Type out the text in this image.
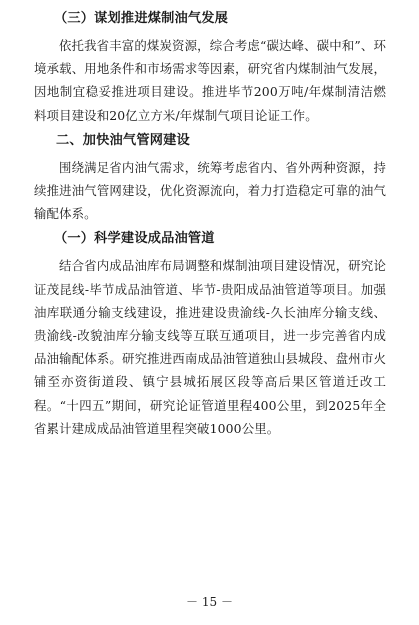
（三）谋划推进煤制油气发展

依托我省丰富的煤炭资源，综合考虑“碳达峰、碳中和”、环境承载、用地条件和市场需求等因素，研究省内煤制油气发展，因地制宜稳妥推进项目建设。推进毕节200万吨/年煤制清洁燃料项目建设和20亿立方米/年煤制气项目论证工作。

二、加快油气管网建设

围绕满足省内油气需求，统筹考虑省内、省外两种资源，持续推进油气管网建设，优化资源流向，着力打造稳定可靠的油气输配体系。

（一）科学建设成品油管道

结合省内成品油库布局调整和煤制油项目建设情况，研究论证茂昆线-毕节成品油管道、毕节-贵阳成品油管道等项目。加强油库联通分输支线建设，推进建设贵渝线-久长油库分输支线、贵渝线-改貌油库分输支线等互联互通项目，进一步完善省内成品油输配体系。研究推进西南成品油管道独山县城段、盘州市火铺至亦资街道段、镇宁县城拓展区段等高后果区管道迁改工程。“十四五”期间，研究论证管道里程400公里，到2025年全省累计建成成品油管道里程突破1000公里。

－ 15 －
